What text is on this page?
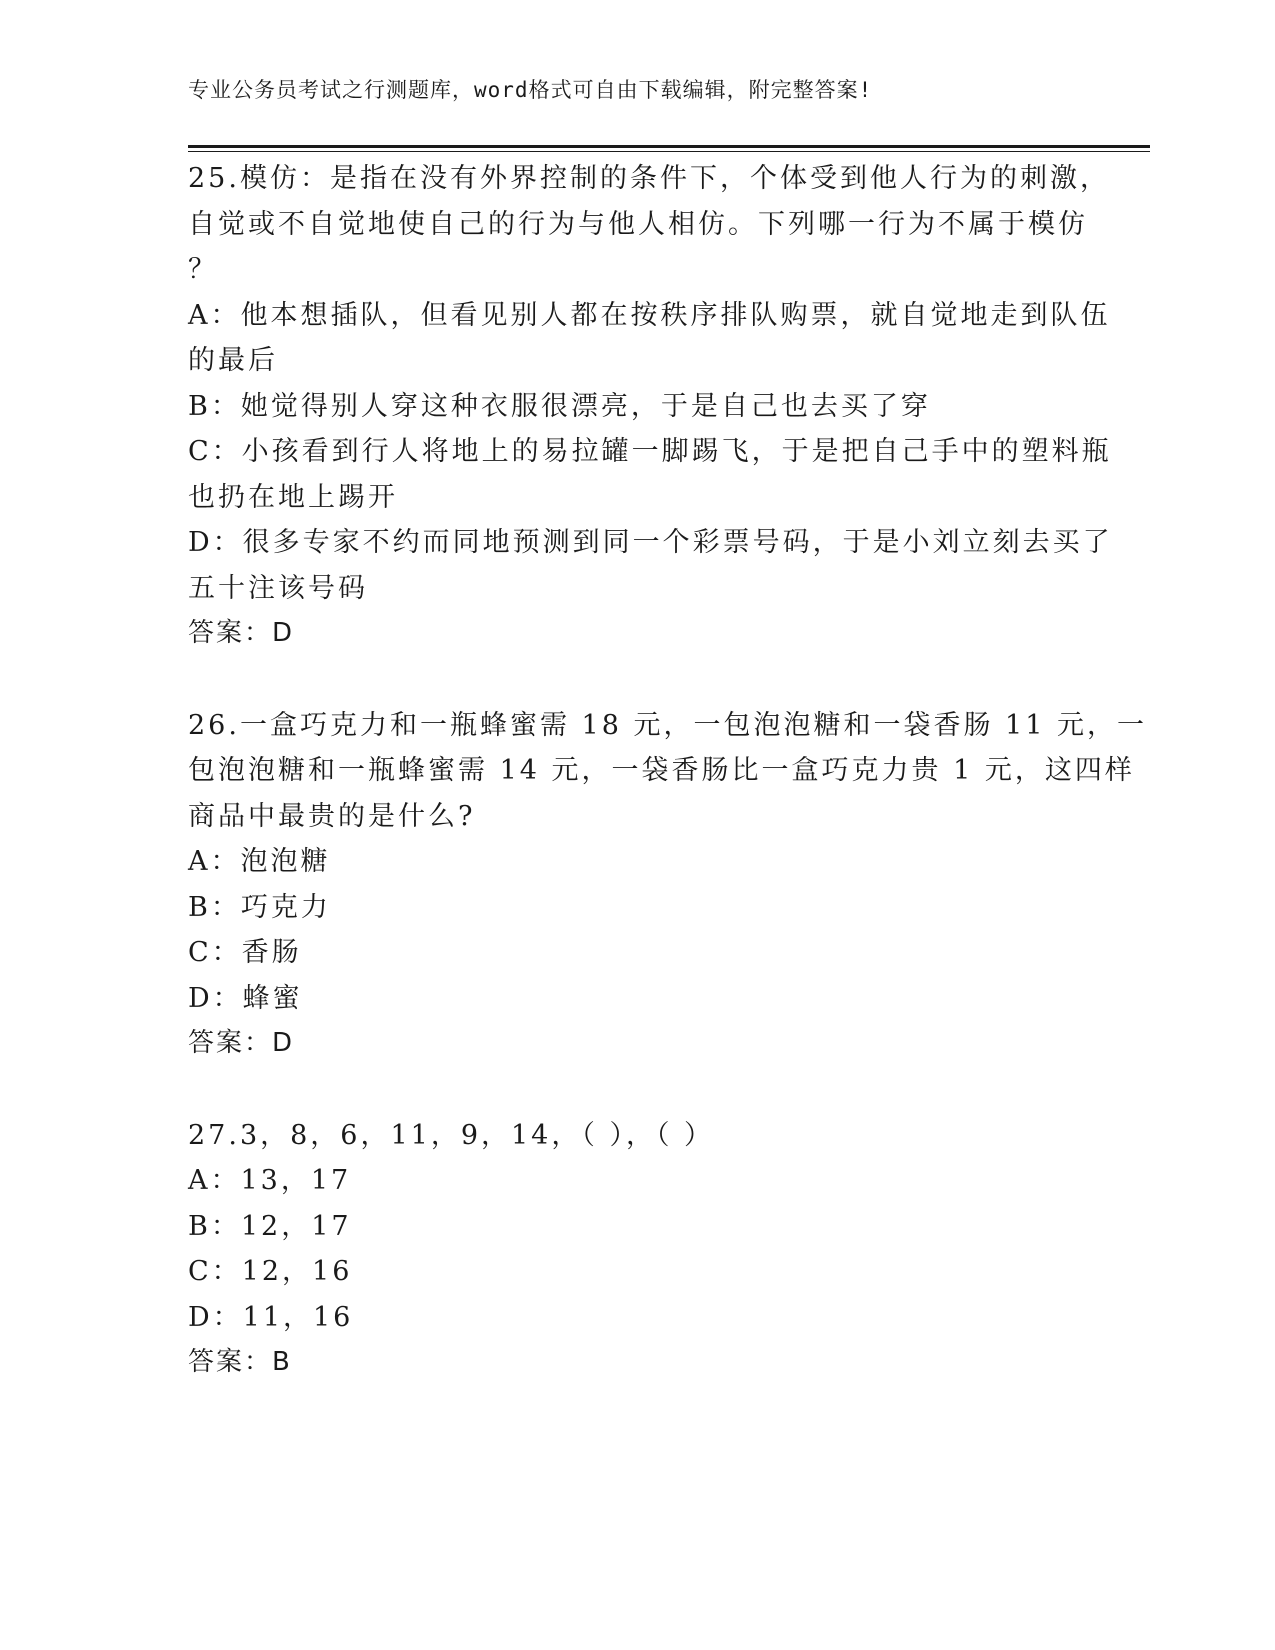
专业公务员考试之行测题库，word格式可自由下载编辑，附完整答案!
25.模仿：是指在没有外界控制的条件下，个体受到他人行为的刺激，
自觉或不自觉地使自己的行为与他人相仿。下列哪一行为不属于模仿
？
A：他本想插队，但看见别人都在按秩序排队购票，就自觉地走到队伍
的最后
B：她觉得别人穿这种衣服很漂亮，于是自己也去买了穿
C：小孩看到行人将地上的易拉罐一脚踢飞，于是把自己手中的塑料瓶
也扔在地上踢开
D：很多专家不约而同地预测到同一个彩票号码，于是小刘立刻去买了
五十注该号码
答案：D
26.一盒巧克力和一瓶蜂蜜需 18 元，一包泡泡糖和一袋香肠 11 元，一
包泡泡糖和一瓶蜂蜜需 14 元，一袋香肠比一盒巧克力贵 1 元，这四样
商品中最贵的是什么?
A：泡泡糖
B：巧克力
C：香肠
D：蜂蜜
答案：D
27.3，8，6，11，9，14，（ ），（ ）
A：13，17
B：12，17
C：12，16
D：11，16
答案：B
